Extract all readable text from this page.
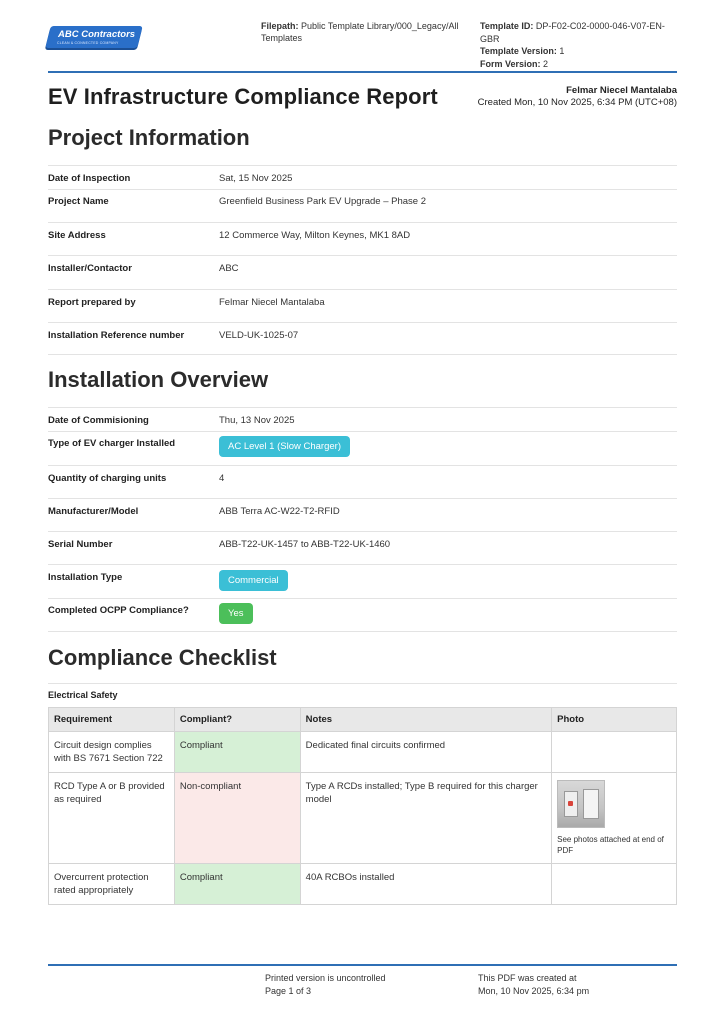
ABC Contractors
CLEAN & CONNECTED COMPANY
Filepath: Public Template Library/000_Legacy/All Templates
Template ID: DP-F02-C02-0000-046-V07-EN-GBR
Template Version: 1
Form Version: 2
EV Infrastructure Compliance Report	Felmar Niecel Mantalaba
Created Mon, 10 Nov 2025, 6:34 PM (UTC+08)
Project Information
Date of Inspection	Sat, 15 Nov 2025
Project Name	Greenfield Business Park EV Upgrade – Phase 2
Site Address	12 Commerce Way, Milton Keynes, MK1 8AD
Installer/Contactor	ABC
Report prepared by	Felmar Niecel Mantalaba
Installation Reference number	VELD-UK-1025-07
Installation Overview
Date of Commisioning	Thu, 13 Nov 2025
Type of EV charger Installed	AC Level 1 (Slow Charger)
Quantity of charging units	4
Manufacturer/Model	ABB Terra AC-W22-T2-RFID
Serial Number	ABB-T22-UK-1457 to ABB-T22-UK-1460
Installation Type	Commercial
Completed OCPP Compliance?	Yes
Compliance Checklist
Electrical Safety
Requirement	Compliant?	Notes	Photo
Circuit design complies with BS 7671 Section 722	Compliant	Dedicated final circuits confirmed	
RCD Type A or B provided as required	Non-compliant	Type A RCDs installed; Type B required for this charger model	See photos attached at end of PDF

Overcurrent protection rated appropriately	Compliant	40A RCBOs installed	
Printed version is uncontrolled
Page 1 of 3
This PDF was created at
Mon, 10 Nov 2025, 6:34 pm
